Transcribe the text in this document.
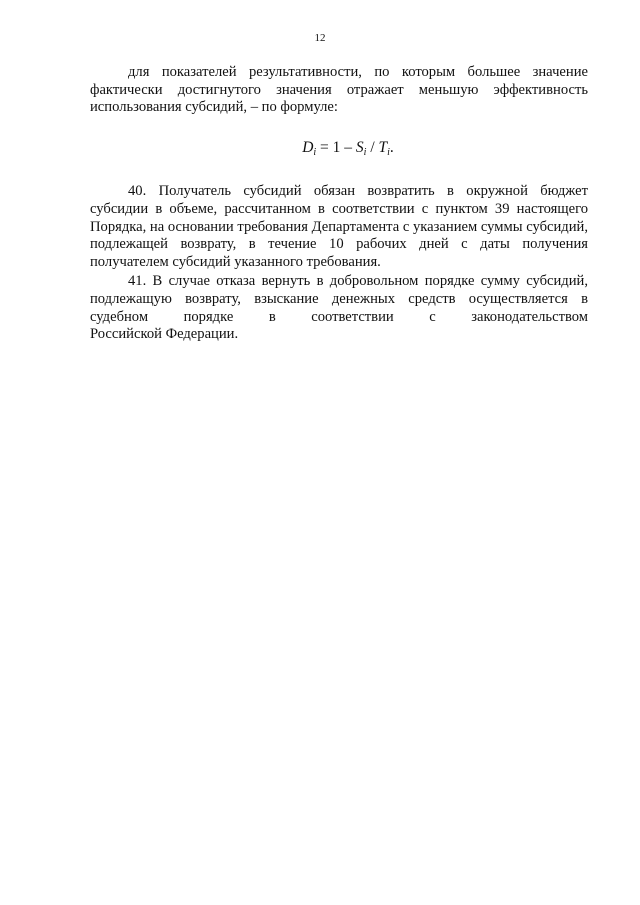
12

для показателей результативности, по которым большее значение фактически достигнутого значения отражает меньшую эффективность использования субсидий, – по формуле:

$D_i = 1 - S_i / T_i$.

40. Получатель субсидий обязан возвратить в окружной бюджет субсидии в объеме, рассчитанном в соответствии с пунктом 39 настоящего Порядка, на основании требования Департамента с указанием суммы субсидий, подлежащей возврату, в течение 10 рабочих дней с даты получения получателем субсидий указанного требования.

41. В случае отказа вернуть в добровольном порядке сумму субсидий, подлежащую возврату, взыскание денежных средств осуществляется в судебном порядке в соответствии с законодательством

Российской Федерации.
